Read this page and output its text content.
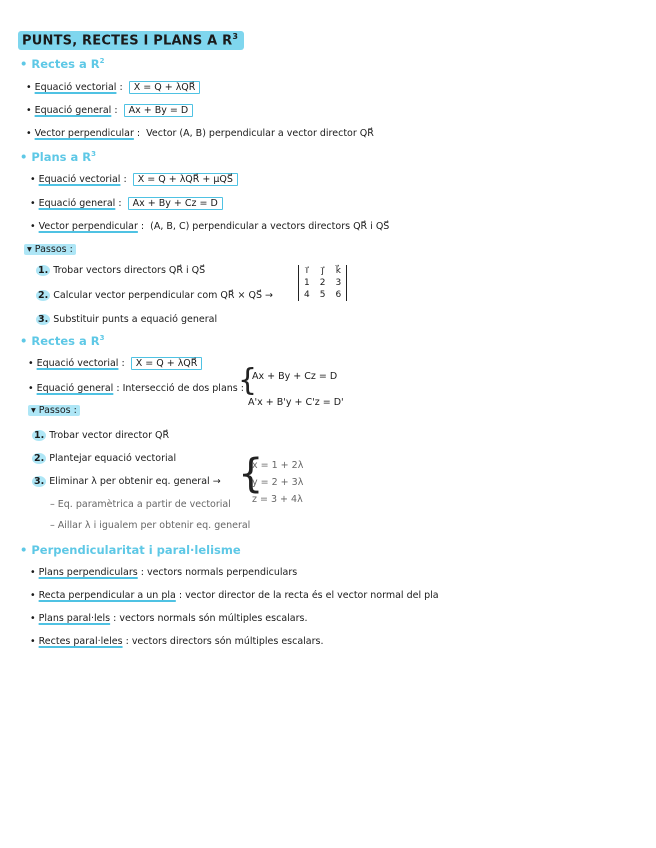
PUNTS, RECTES I PLANS A $R^3$
• Rectes a $R^2$
• Equació vectorial :  X = Q + λQR⃗
• Equació general :  Ax + By = D
• Vector perpendicular :  Vector (A, B) perpendicular a vector director QR⃗
• Plans a $R^3$
• Equació vectorial :  X = Q + λQR⃗ + μQS⃗
• Equació general :  Ax + By + Cz = D
• Vector perpendicular :  (A, B, C) perpendicular a vectors directors QR⃗ i QS⃗
▾ Passos :
1. Trobar vectors directors QR⃗ i QS⃗
2. Calcular vector perpendicular com QR⃗ × QS⃗ →
i⃗	j⃗	k⃗
1	2	3
4	5	6
3. Substituir punts a equació general
• Rectes a $R^3$
• Equació vectorial :  X = Q + λQR⃗
• Equació general : Intersecció de dos plans :
{
Ax + By + Cz = D
A'x + B'y + C'z = D'
▾ Passos :
1. Trobar vector director QR⃗
2. Plantejar equació vectorial
3. Eliminar λ per obtenir eq. general → {
x = 1 + 2λ
y = 2 + 3λ
z = 3 + 4λ
– Eq. paramètrica a partir de vectorial
– Aillar λ i igualem per obtenir eq. general
• Perpendicularitat i paral·lelisme
• Plans perpendiculars : vectors normals perpendiculars
• Recta perpendicular a un pla : vector director de la recta és el vector normal del pla
• Plans paral·lels : vectors normals són múltiples escalars.
• Rectes paral·leles : vectors directors són múltiples escalars.
